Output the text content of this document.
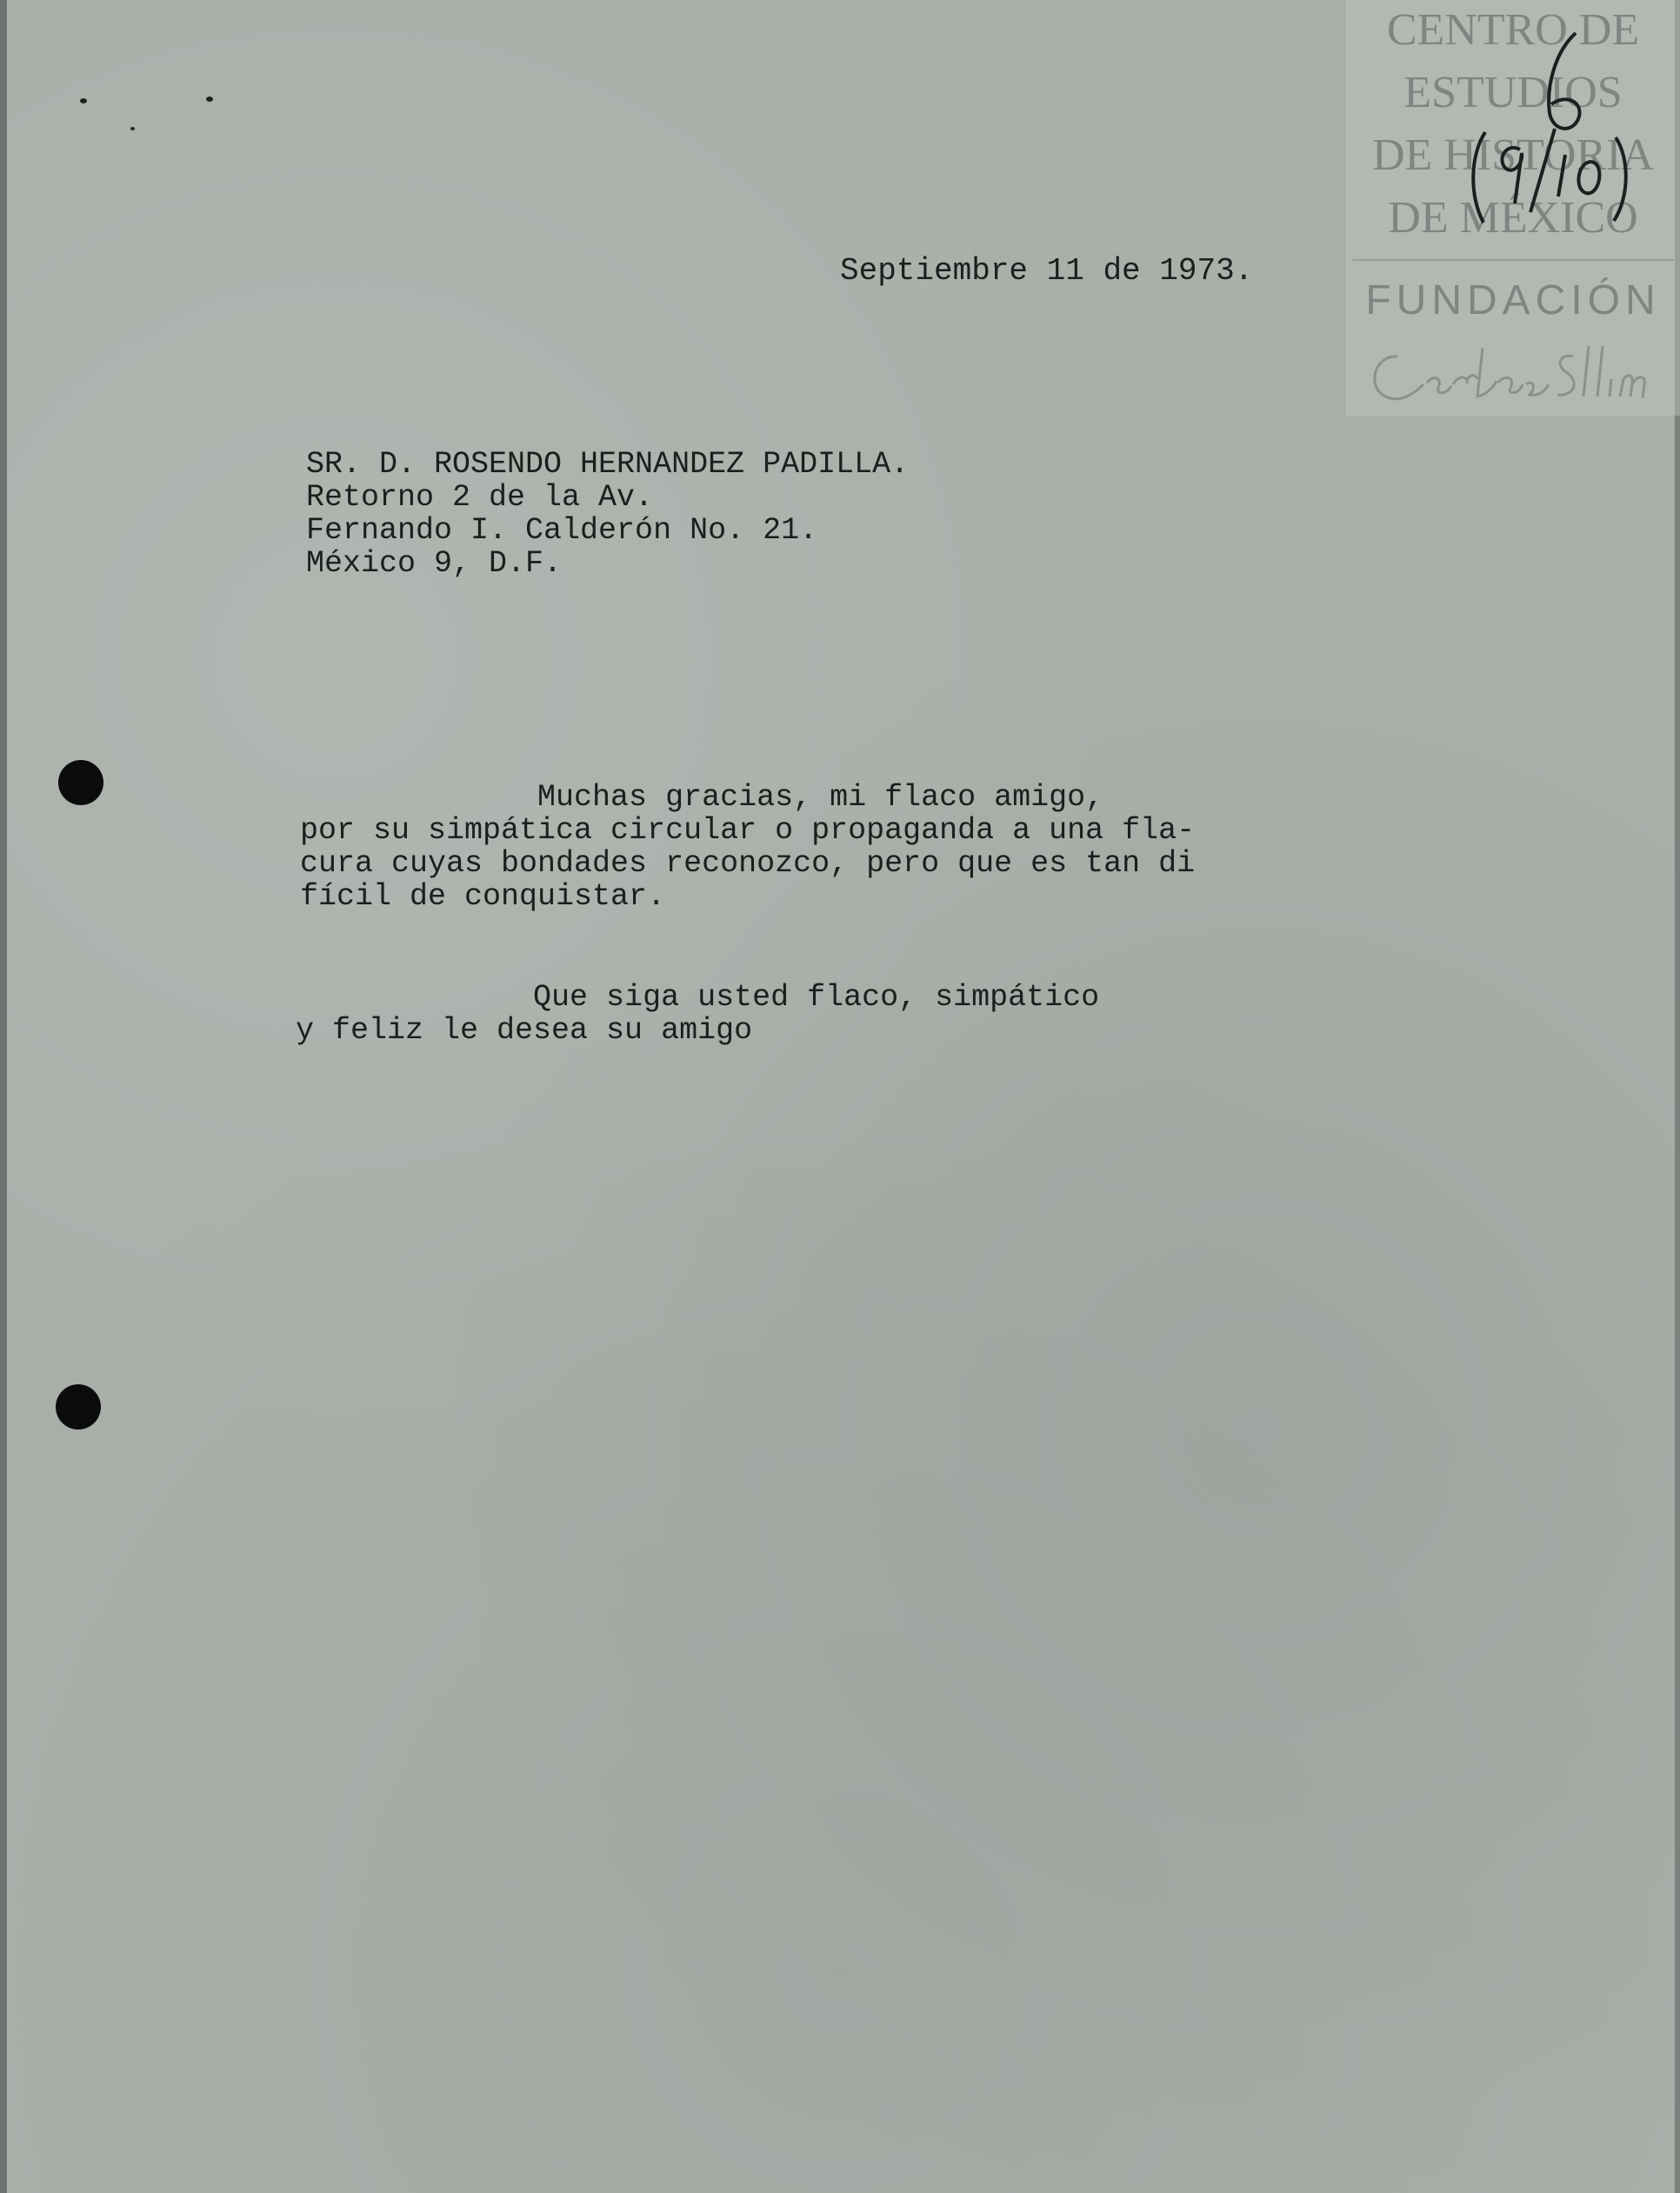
CENTRO DE

ESTUDIOS

DE HISTORIA

DE MÉXICO

FUNDACIÓN

Septiembre 11 de 1973.

SR. D. ROSENDO HERNANDEZ PADILLA.
Retorno 2 de la Av.
Fernando I. Calderón No. 21.
México 9, D.F.
Muchas gracias, mi flaco amigo,
por su simpática circular o propaganda a una fla-
cura cuyas bondades reconozco, pero que es tan di
fícil de conquistar.
Que siga usted flaco, simpático
y feliz le desea su amigo
